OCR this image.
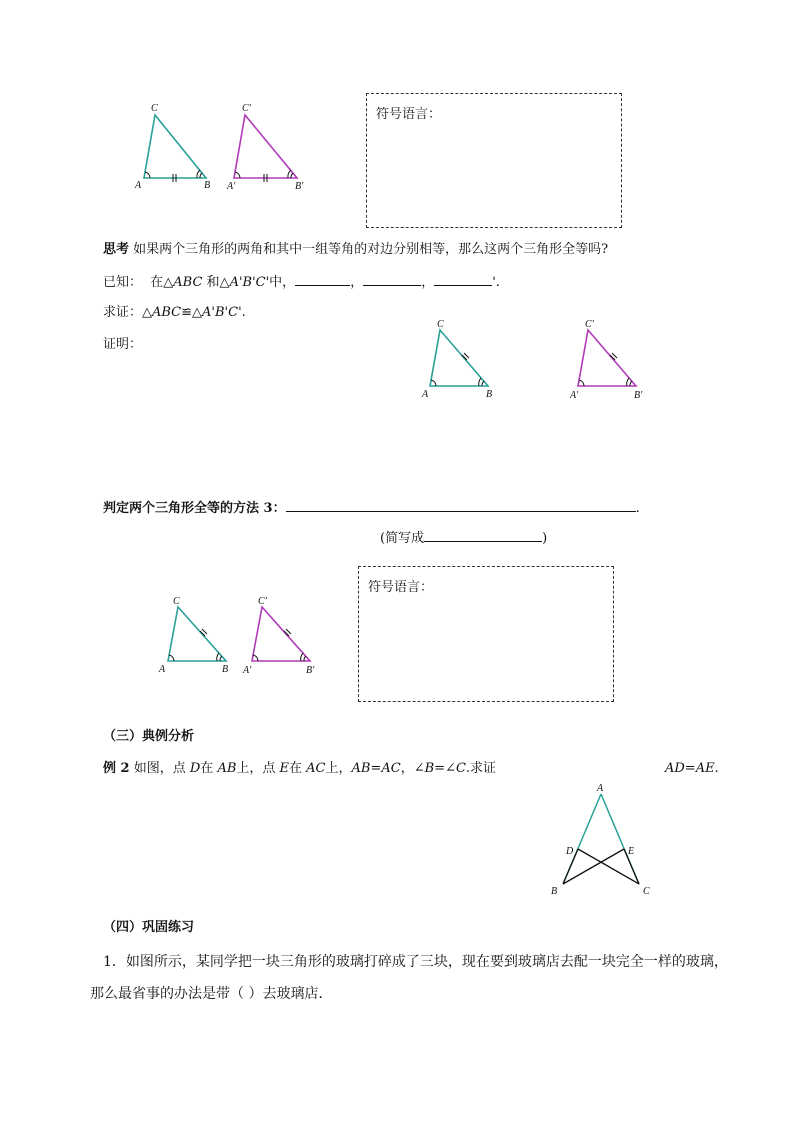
C
A	B
C'
A'	B'
符号语言：
思考 如果两个三角形的两角和其中一组等角的对边分别相等，那么这两个三角形全等吗?
已知： 在△ABC 和△A'B'C'中，	，	，	'.
求证：△ABC≌△A'B'C'.
证明：
C
A	B
C'
A'	B'
判定两个三角形全等的方法 3：	.
(简写成	)
C
A	B
C'
A'	B'
符号语言：
（三）典例分析
例 2 如图，点 D在 AB上，点 E在 AC上，AB=AC，∠B=∠C.求证	AD=AE.
A
D	E
B	C
（四）巩固练习
1．如图所示，某同学把一块三角形的玻璃打碎成了三块，现在要到玻璃店去配一块完全一样的玻璃，
那么最省事的办法是带（ ）去玻璃店．
